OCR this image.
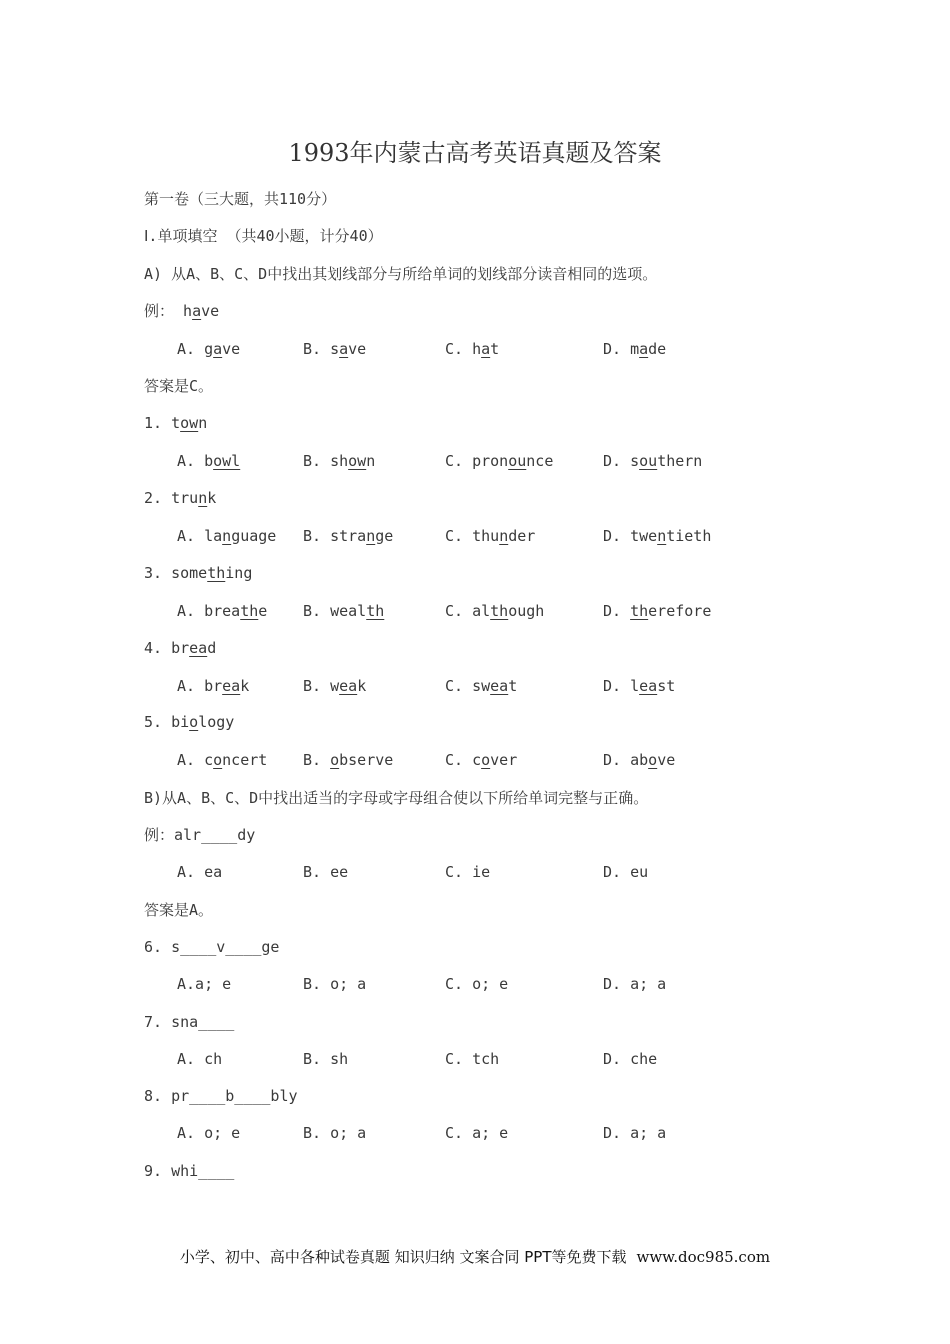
1993年内蒙古高考英语真题及答案
第一卷（三大题，共110分）
Ⅰ.单项填空 （共40小题，计分40）
A) 从A、B、C、D中找出其划线部分与所给单词的划线部分读音相同的选项。
例： have
A. gave	B. save	C. hat	D. made
答案是C。
1. town
A. bowl	B. shown	C. pronounce	D. southern
2. trunk
A. language B. strange	C. thunder	D. twentieth
3. something
A. breathe B. wealth	C. although	D. therefore
4. bread
A. break	B. weak	C. sweat	D. least
5. biology
A. concert B. observe	C. cover	D. above
B)从A、B、C、D中找出适当的字母或字母组合使以下所给单词完整与正确。
例：alr____dy
A. ea	B. ee	C. ie	D. eu
答案是A。
6. s____v____ge
A.a; e	B. o; a	C. o; e	D. a; a
7. sna____
A. ch	B. sh	C. tch	D. che
8. pr____b____bly
A. o; e	B. o; a	C. a; e	D. a; a
9. whi____
小学、初中、高中各种试卷真题 知识归纳 文案合同 PPT等免费下载 www.doc985.com
